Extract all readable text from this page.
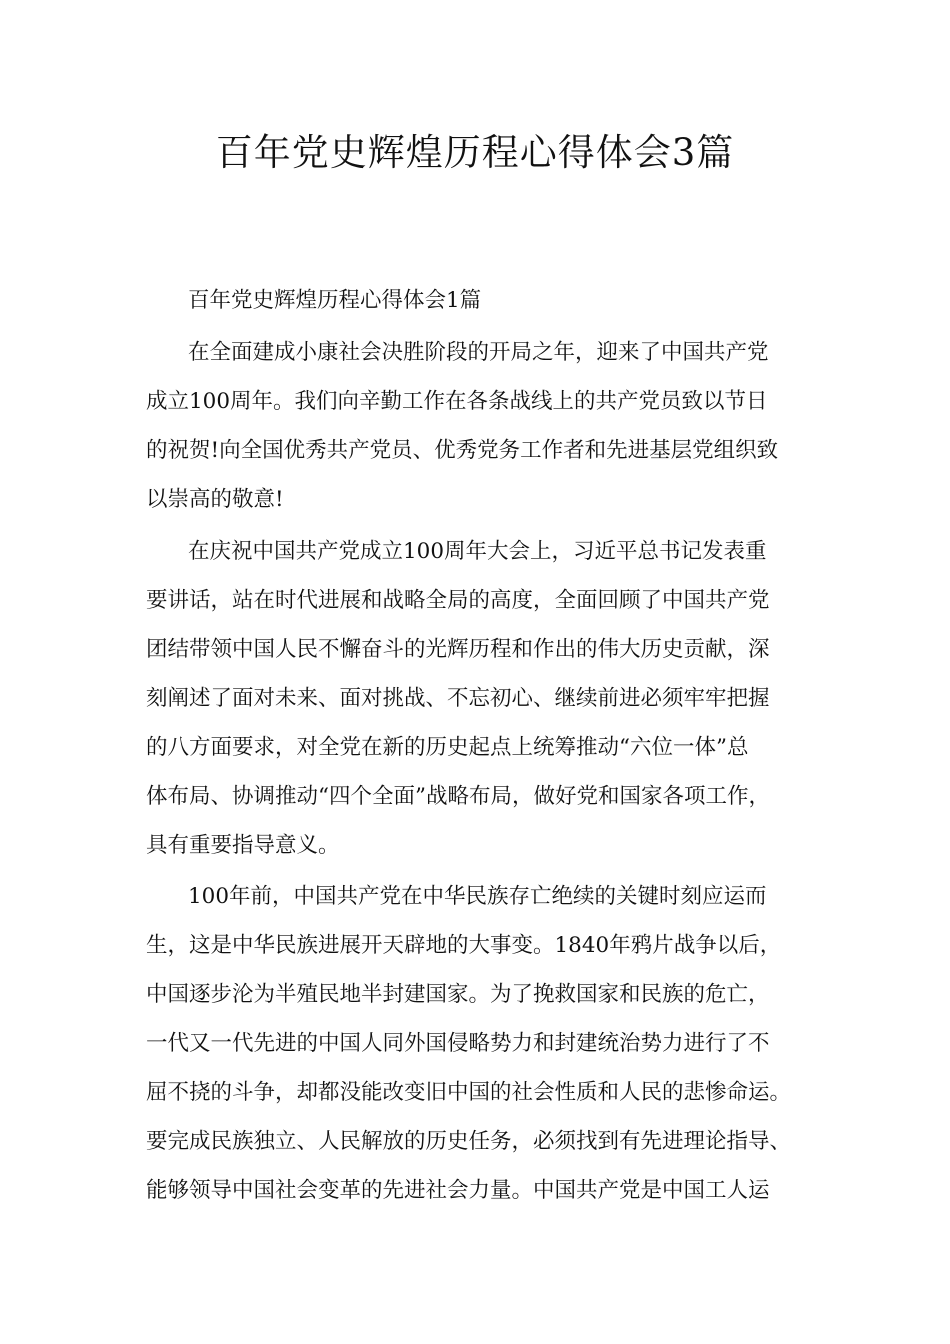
百年党史辉煌历程心得体会3篇

百年党史辉煌历程心得体会1篇

在全面建成小康社会决胜阶段的开局之年，迎来了中国共产党

成立100周年。我们向辛勤工作在各条战线上的共产党员致以节日

的祝贺!向全国优秀共产党员、优秀党务工作者和先进基层党组织致

以崇高的敬意!

在庆祝中国共产党成立100周年大会上，习近平总书记发表重

要讲话，站在时代进展和战略全局的高度，全面回顾了中国共产党

团结带领中国人民不懈奋斗的光辉历程和作出的伟大历史贡献，深

刻阐述了面对未来、面对挑战、不忘初心、继续前进必须牢牢把握

的八方面要求，对全党在新的历史起点上统筹推动“六位一体”总

体布局、协调推动“四个全面”战略布局，做好党和国家各项工作，

具有重要指导意义。

100年前，中国共产党在中华民族存亡绝续的关键时刻应运而

生，这是中华民族进展开天辟地的大事变。1840年鸦片战争以后，

中国逐步沦为半殖民地半封建国家。为了挽救国家和民族的危亡，

一代又一代先进的中国人同外国侵略势力和封建统治势力进行了不

屈不挠的斗争，却都没能改变旧中国的社会性质和人民的悲惨命运。

要完成民族独立、人民解放的历史任务，必须找到有先进理论指导、

能够领导中国社会变革的先进社会力量。中国共产党是中国工人运
